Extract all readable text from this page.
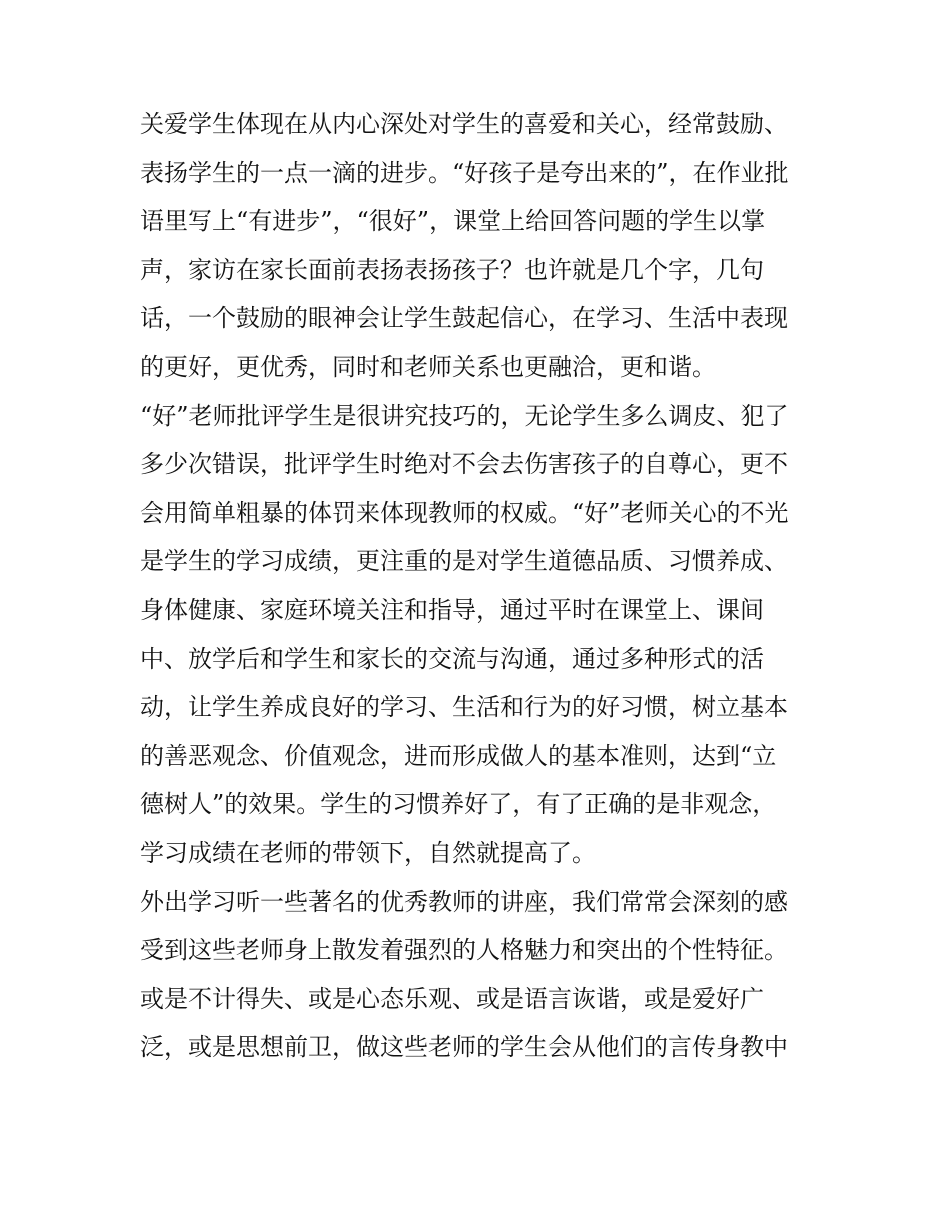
关爱学生体现在从内心深处对学生的喜爱和关心，经常鼓励、
表扬学生的一点一滴的进步。“好孩子是夸出来的”，在作业批
语里写上“有进步”，“很好”，课堂上给回答问题的学生以掌
声，家访在家长面前表扬表扬孩子？也许就是几个字，几句
话，一个鼓励的眼神会让学生鼓起信心，在学习、生活中表现
的更好，更优秀，同时和老师关系也更融洽，更和谐。

“好”老师批评学生是很讲究技巧的，无论学生多么调皮、犯了
多少次错误，批评学生时绝对不会去伤害孩子的自尊心，更不
会用简单粗暴的体罚来体现教师的权威。“好”老师关心的不光
是学生的学习成绩，更注重的是对学生道德品质、习惯养成、
身体健康、家庭环境关注和指导，通过平时在课堂上、课间
中、放学后和学生和家长的交流与沟通，通过多种形式的活
动，让学生养成良好的学习、生活和行为的好习惯，树立基本
的善恶观念、价值观念，进而形成做人的基本准则，达到“立
德树人”的效果。学生的习惯养好了，有了正确的是非观念，
学习成绩在老师的带领下，自然就提高了。

外出学习听一些著名的优秀教师的讲座，我们常常会深刻的感
受到这些老师身上散发着强烈的人格魅力和突出的个性特征。
或是不计得失、或是心态乐观、或是语言诙谐，或是爱好广
泛，或是思想前卫，做这些老师的学生会从他们的言传身教中
